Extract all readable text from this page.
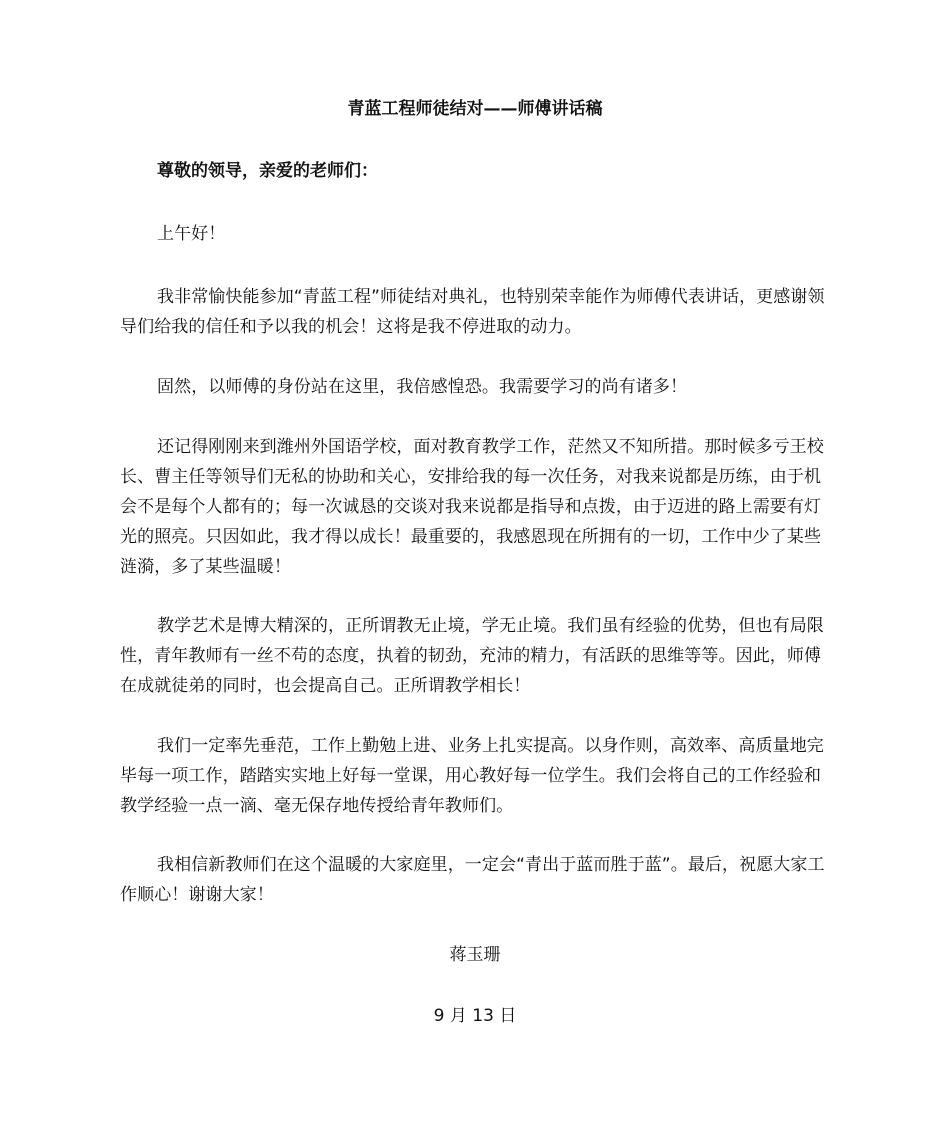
青蓝工程师徒结对——师傅讲话稿
尊敬的领导，亲爱的老师们：

上午好！

我非常愉快能参加“青蓝工程”师徒结对典礼，也特别荣幸能作为师傅代表讲话，更感谢领导们给我的信任和予以我的机会！这将是我不停进取的动力。

固然，以师傅的身份站在这里，我倍感惶恐。我需要学习的尚有诸多！

还记得刚刚来到潍州外国语学校，面对教育教学工作，茫然又不知所措。那时候多亏王校长、曹主任等领导们无私的协助和关心，安排给我的每一次任务，对我来说都是历练，由于机会不是每个人都有的；每一次诚恳的交谈对我来说都是指导和点拨，由于迈进的路上需要有灯光的照亮。只因如此，我才得以成长！最重要的，我感恩现在所拥有的一切，工作中少了某些涟漪，多了某些温暖！

教学艺术是博大精深的，正所谓教无止境，学无止境。我们虽有经验的优势，但也有局限性，青年教师有一丝不苟的态度，执着的韧劲，充沛的精力，有活跃的思维等等。因此，师傅在成就徒弟的同时，也会提高自己。正所谓教学相长！

我们一定率先垂范，工作上勤勉上进、业务上扎实提高。以身作则，高效率、高质量地完毕每一项工作，踏踏实实地上好每一堂课，用心教好每一位学生。我们会将自己的工作经验和教学经验一点一滴、毫无保存地传授给青年教师们。

我相信新教师们在这个温暖的大家庭里，一定会“青出于蓝而胜于蓝”。最后，祝愿大家工作顺心！谢谢大家！

蒋玉珊
9 月 13 日
